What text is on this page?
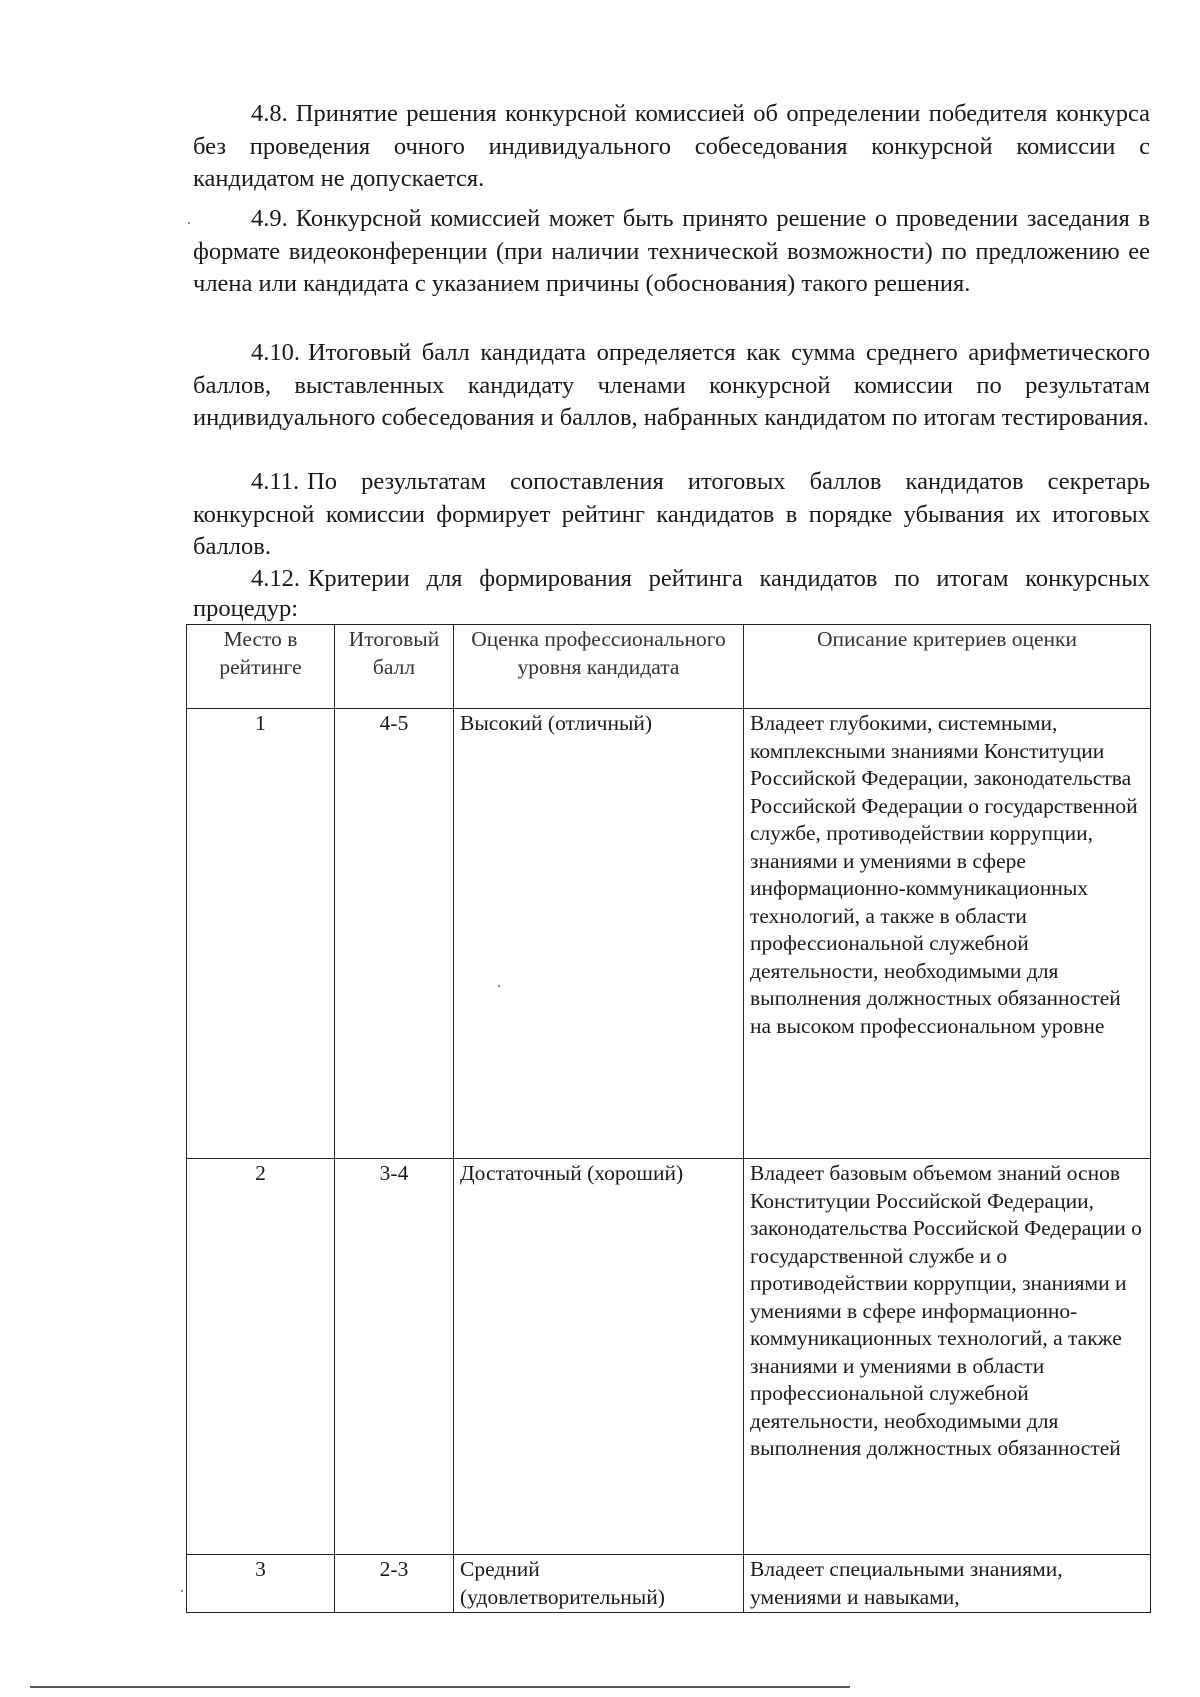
4.8. Принятие решения конкурсной комиссией об определении победителя конкурса без проведения очного индивидуального собеседования конкурсной комиссии с кандидатом не допускается.

4.9. Конкурсной комиссией может быть принято решение о проведении заседания в формате видеоконференции (при наличии технической возможности) по предложению ее члена или кандидата с указанием причины (обоснования) такого решения.

4.10. Итоговый балл кандидата определяется как сумма среднего арифметического баллов, выставленных кандидату членами конкурсной комиссии по результатам индивидуального собеседования и баллов, набранных кандидатом по итогам тестирования.

4.11. По результатам сопоставления итоговых баллов кандидатов секретарь конкурсной комиссии формирует рейтинг кандидатов в порядке убывания их итоговых баллов.

4.12. Критерии для формирования рейтинга кандидатов по итогам конкурсных процедур:

Место в рейтинге	Итоговый балл	Оценка профессионального уровня кандидата	Описание критериев оценки
1	4-5	Высокий (отличный)	Владеет глубокими, системными, комплексными знаниями Конституции Российской Федерации, законодательства Российской Федерации о государственной службе, противодействии коррупции, знаниями и умениями в сфере информационно-коммуникационных технологий, а также в области профессиональной служебной деятельности, необходимыми для выполнения должностных обязанностей на высоком профессиональном уровне
2	3-4	Достаточный (хороший)	Владеет базовым объемом знаний основ Конституции Российской Федерации, законодательства Российской Федерации о государственной службе и о противодействии коррупции, знаниями и умениями в сфере информационно-коммуникационных технологий, а также знаниями и умениями в области профессиональной служебной деятельности, необходимыми для выполнения должностных обязанностей
3	2-3	Средний (удовлетворительный)	Владеет специальными знаниями, умениями и навыками,
